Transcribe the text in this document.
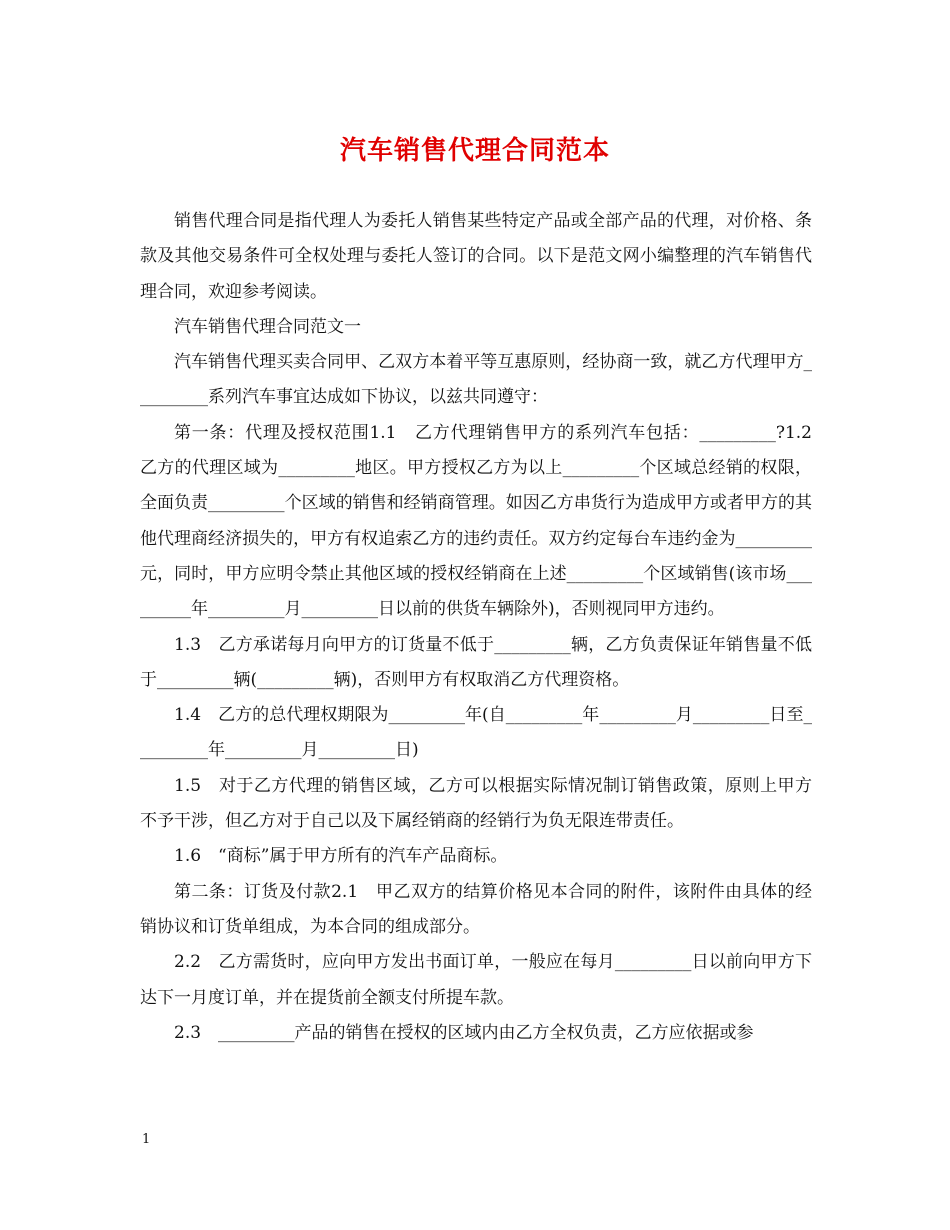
汽车销售代理合同范本

销售代理合同是指代理人为委托人销售某些特定产品或全部产品的代理，对价格、条款及其他交易条件可全权处理与委托人签订的合同。以下是范文网小编整理的汽车销售代理合同，欢迎参考阅读。

汽车销售代理合同范文一

汽车销售代理买卖合同甲、乙双方本着平等互惠原则，经协商一致，就乙方代理甲方_________系列汽车事宜达成如下协议，以兹共同遵守：

第一条：代理及授权范围1.1　乙方代理销售甲方的系列汽车包括：_________?1.2　乙方的代理区域为_________地区。甲方授权乙方为以上_________个区域总经销的权限，全面负责_________个区域的销售和经销商管理。如因乙方串货行为造成甲方或者甲方的其他代理商经济损失的，甲方有权追索乙方的违约责任。双方约定每台车违约金为_________元，同时，甲方应明令禁止其他区域的授权经销商在上述_________个区域销售(该市场_________年_________月_________日以前的供货车辆除外)，否则视同甲方违约。

1.3　乙方承诺每月向甲方的订货量不低于_________辆，乙方负责保证年销售量不低于_________辆(_________辆)，否则甲方有权取消乙方代理资格。

1.4　乙方的总代理权期限为_________年(自_________年_________月_________日至_________年_________月_________日)

1.5　对于乙方代理的销售区域，乙方可以根据实际情况制订销售政策，原则上甲方不予干涉，但乙方对于自己以及下属经销商的经销行为负无限连带责任。

1.6　“商标”属于甲方所有的汽车产品商标。

第二条：订货及付款2.1　甲乙双方的结算价格见本合同的附件，该附件由具体的经销协议和订货单组成，为本合同的组成部分。

2.2　乙方需货时，应向甲方发出书面订单，一般应在每月_________日以前向甲方下达下一月度订单，并在提货前全额支付所提车款。

2.3　_________产品的销售在授权的区域内由乙方全权负责，乙方应依据或参

1
